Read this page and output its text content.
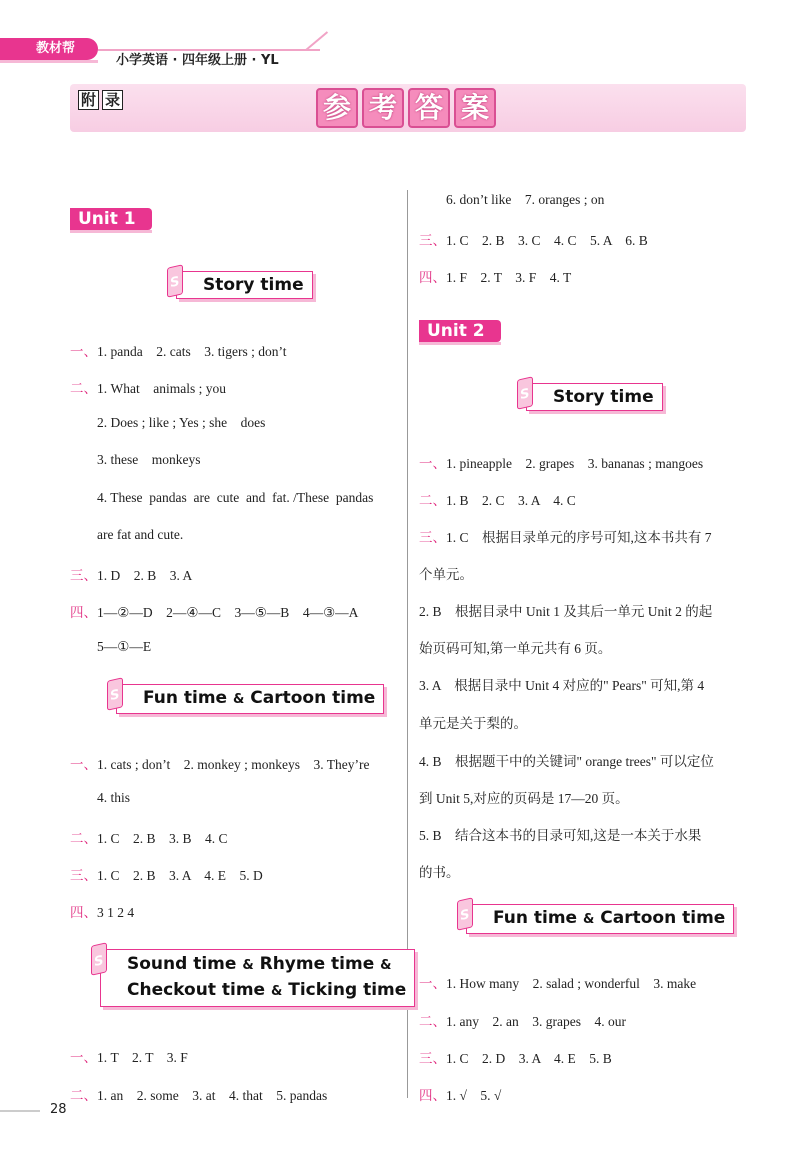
教材帮
小学英语 · 四年级上册 · YL
附 录	参 考 答 案
Unit 1
S
Story time
一、1. panda    2. cats    3. tigers ; don’t
二、1. What    animals ; you
2. Does ; like ; Yes ; she    does
3. these    monkeys
4. These  pandas  are  cute  and  fat. /These  pandas
are fat and cute.
三、1. D    2. B    3. A
四、1—②—D    2—④—C    3—⑤—B    4—③—A
5—①—E
S
Fun time & Cartoon time
一、1. cats ; don’t    2. monkey ; monkeys    3. They’re
4. this
二、1. C    2. B    3. B    4. C
三、1. C    2. B    3. A    4. E    5. D
四、3 1 2 4
S
Sound time & Rhyme time &
Checkout time & Ticking time
一、1. T    2. T    3. F
二、1. an    2. some    3. at    4. that    5. pandas
6. don’t like    7. oranges ; on
三、1. C    2. B    3. C    4. C    5. A    6. B
四、1. F    2. T    3. F    4. T
Unit 2
S
Story time
一、1. pineapple    2. grapes    3. bananas ; mangoes
二、1. B    2. C    3. A    4. C
三、1. C    根据目录单元的序号可知,这本书共有 7
个单元。
2. B    根据目录中 Unit 1 及其后一单元 Unit 2 的起
始页码可知,第一单元共有 6 页。
3. A    根据目录中 Unit 4 对应的" Pears" 可知,第 4
单元是关于梨的。
4. B    根据题干中的关键词" orange trees" 可以定位
到 Unit 5,对应的页码是 17—20 页。
5. B    结合这本书的目录可知,这是一本关于水果
的书。
S
Fun time & Cartoon time
一、1. How many    2. salad ; wonderful    3. make
二、1. any    2. an    3. grapes    4. our
三、1. C    2. D    3. A    4. E    5. B
四、1. √    5. √
28
